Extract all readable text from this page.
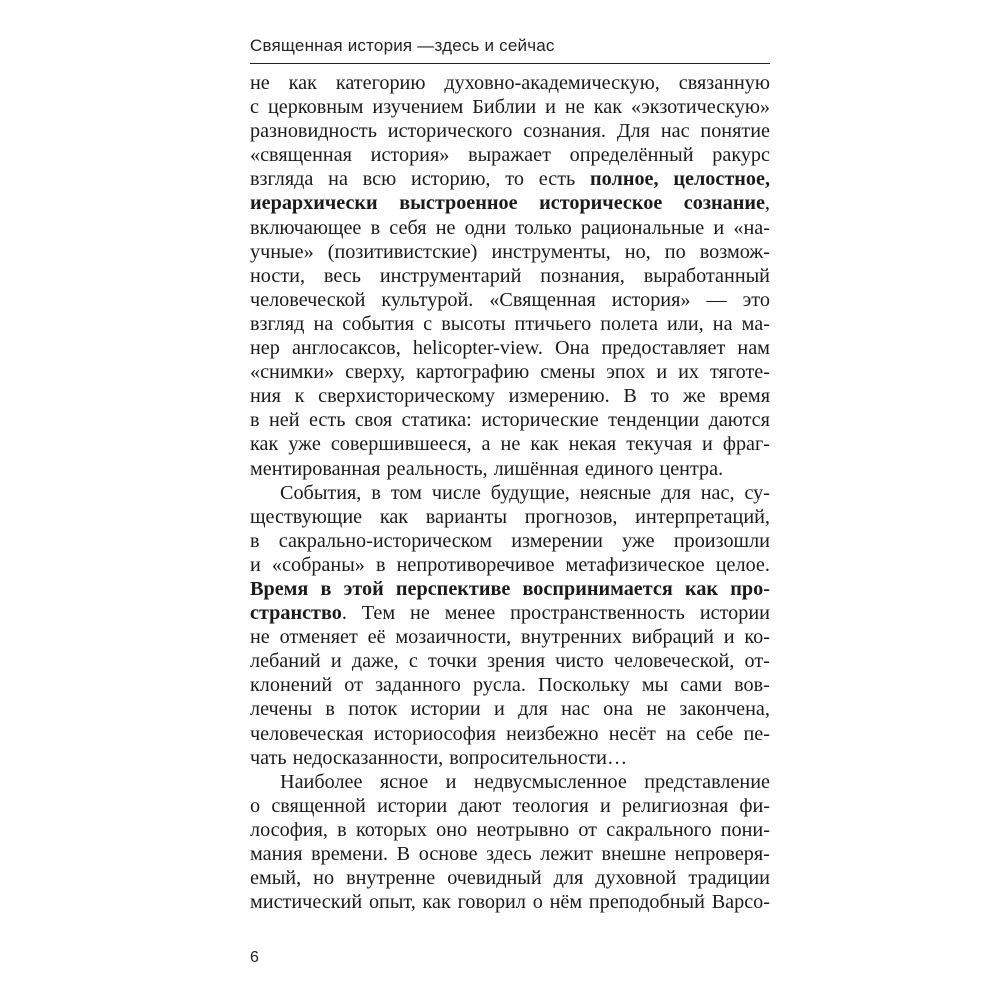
Священная история —здесь и сейчас
не как категорию духовно-академическую, связанную
с церковным изучением Библии и не как «экзотическую»
разновидность исторического сознания. Для нас понятие
«священная история» выражает определённый ракурс
взгляда на всю историю, то есть полное, целостное,
иерархически выстроенное историческое сознание,
включающее в себя не одни только рациональные и «на-
учные» (позитивистские) инструменты, но, по возмож-
ности, весь инструментарий познания, выработанный
человеческой культурой. «Священная история» — это
взгляд на события с высоты птичьего полета или, на ма-
нер англосаксов, helicopter-view. Она предоставляет нам
«снимки» сверху, картографию смены эпох и их тяготе-
ния к сверхисторическому измерению. В то же время
в ней есть своя статика: исторические тенденции даются
как уже совершившееся, а не как некая текучая и фраг-
ментированная реальность, лишённая единого центра.
События, в том числе будущие, неясные для нас, су-
ществующие как варианты прогнозов, интерпретаций,
в сакрально-историческом измерении уже произошли
и «собраны» в непротиворечивое метафизическое целое.
Время в этой перспективе воспринимается как про-
странство. Тем не менее пространственность истории
не отменяет её мозаичности, внутренних вибраций и ко-
лебаний и даже, с точки зрения чисто человеческой, от-
клонений от заданного русла. Поскольку мы сами вов-
лечены в поток истории и для нас она не закончена,
человеческая историософия неизбежно несёт на себе пе-
чать недосказанности, вопросительности…
Наиболее ясное и недвусмысленное представление
о священной истории дают теология и религиозная фи-
лософия, в которых оно неотрывно от сакрального пони-
мания времени. В основе здесь лежит внешне непроверя-
емый, но внутренне очевидный для духовной традиции
мистический опыт, как говорил о нём преподобный Варсо-
6
